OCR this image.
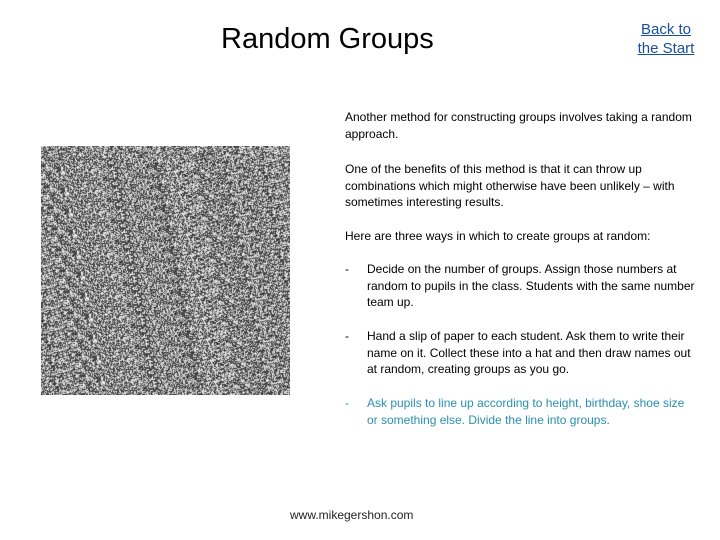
Random Groups	Back to
the Start

Another method for constructing groups involves taking a random approach.

One of the benefits of this method is that it can throw up combinations which might otherwise have been unlikely – with sometimes interesting results.

Here are three ways in which to create groups at random:

- Decide on the number of groups. Assign those numbers at random to pupils in the class. Students with the same number team up.
- Hand a slip of paper to each student. Ask them to write their name on it. Collect these into a hat and then draw names out at random, creating groups as you go.
- Ask pupils to line up according to height, birthday, shoe size or something else. Divide the line into groups.
www.mikegershon.com
